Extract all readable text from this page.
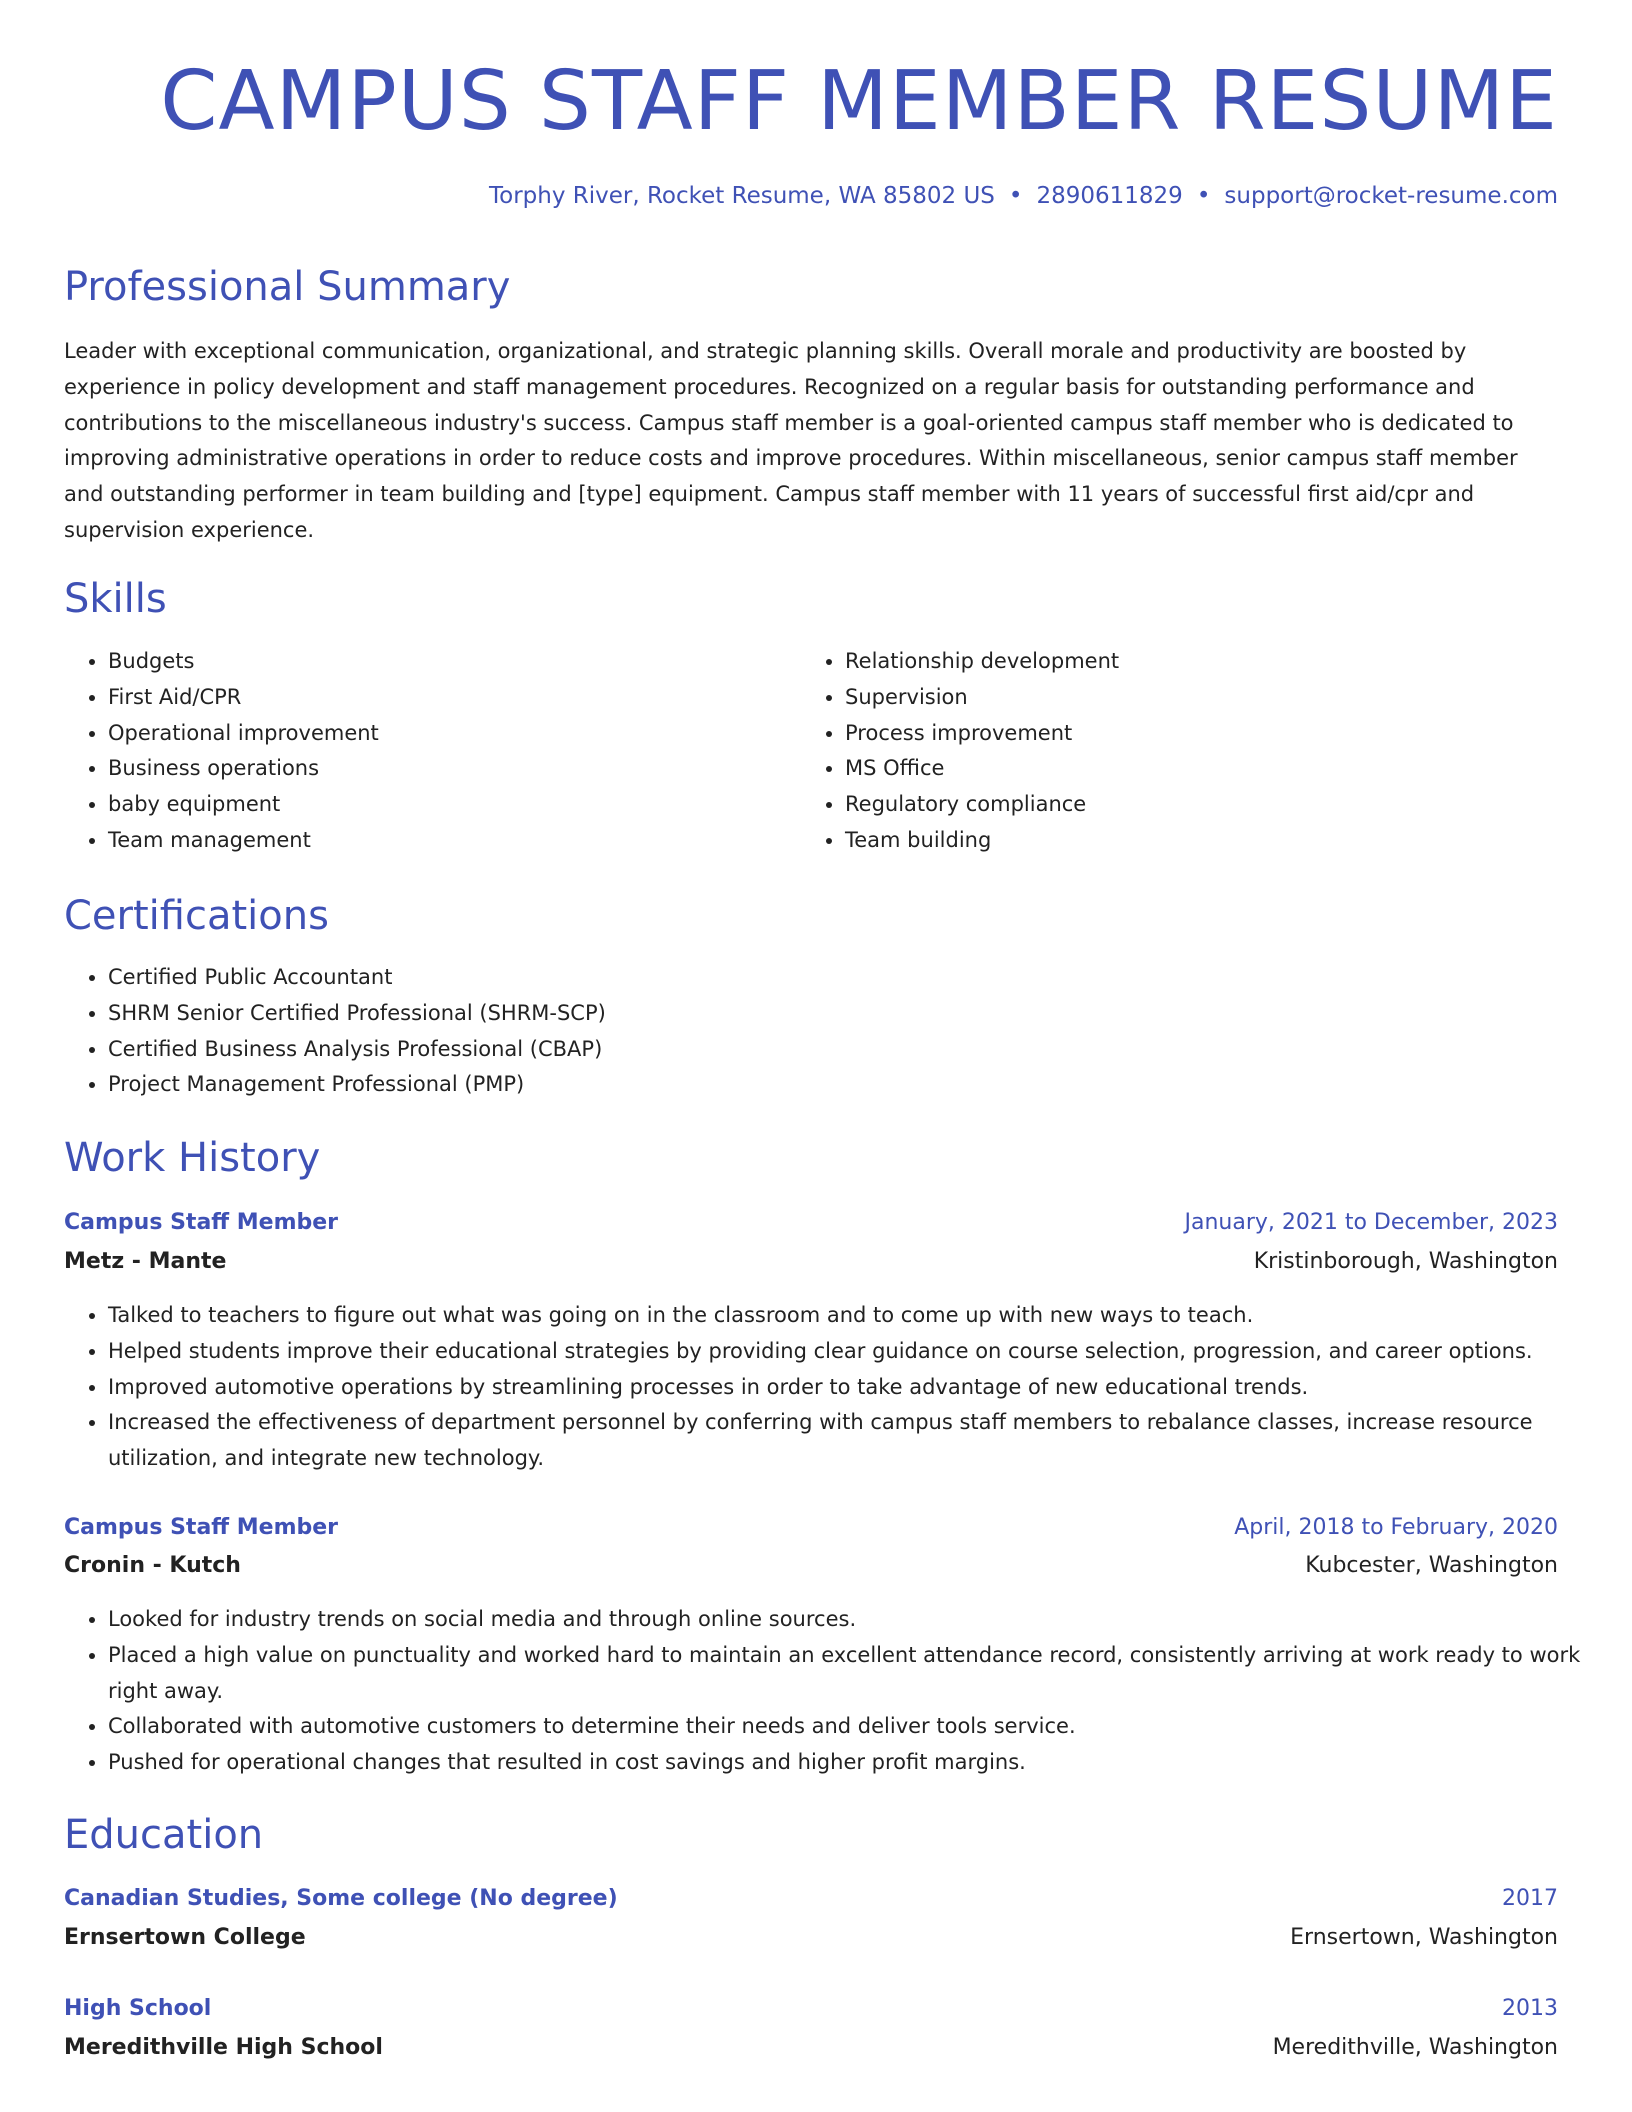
CAMPUS STAFF MEMBER RESUME
Torphy River, Rocket Resume, WA 85802 US • 2890611829 • support@rocket-resume.com
Professional Summary

Leader with exceptional communication, organizational, and strategic planning skills. Overall morale and productivity are boosted by experience in policy development and staff management procedures. Recognized on a regular basis for outstanding performance and contributions to the miscellaneous industry's success. Campus staff member is a goal-oriented campus staff member who is dedicated to improving administrative operations in order to reduce costs and improve procedures. Within miscellaneous, senior campus staff member and outstanding performer in team building and [type] equipment. Campus staff member with 11 years of successful first aid/cpr and supervision experience.

Skills
• Budgets
• First Aid/CPR
• Operational improvement
• Business operations
• baby equipment
• Team management
• Relationship development
• Supervision
• Process improvement
• MS Office
• Regulatory compliance
• Team building
Certifications
• Certified Public Accountant
• SHRM Senior Certified Professional (SHRM-SCP)
• Certified Business Analysis Professional (CBAP)
• Project Management Professional (PMP)
Work History
Campus Staff Member	January, 2021 to December, 2023
Metz - Mante	Kristinborough, Washington
• Talked to teachers to figure out what was going on in the classroom and to come up with new ways to teach.
• Helped students improve their educational strategies by providing clear guidance on course selection, progression, and career options.
• Improved automotive operations by streamlining processes in order to take advantage of new educational trends.
• Increased the effectiveness of department personnel by conferring with campus staff members to rebalance classes, increase resource utilization, and integrate new technology.
Campus Staff Member	April, 2018 to February, 2020
Cronin - Kutch	Kubcester, Washington
• Looked for industry trends on social media and through online sources.
• Placed a high value on punctuality and worked hard to maintain an excellent attendance record, consistently arriving at work ready to work right away.
• Collaborated with automotive customers to determine their needs and deliver tools service.
• Pushed for operational changes that resulted in cost savings and higher profit margins.
Education
Canadian Studies, Some college (No degree)	2017
Ernsertown College	Ernsertown, Washington
High School	2013
Meredithville High School	Meredithville, Washington
